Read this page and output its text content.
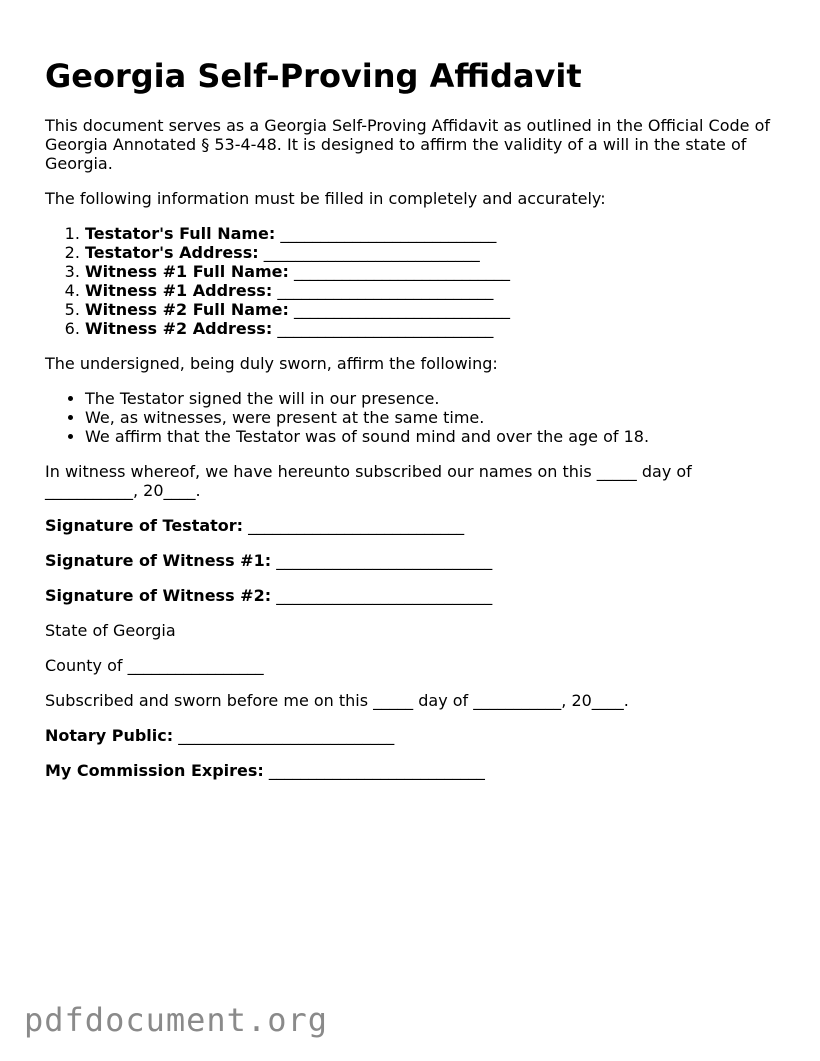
Georgia Self-Proving Affidavit

This document serves as a Georgia Self-Proving Affidavit as outlined in the Official Code of Georgia Annotated § 53-4-48. It is designed to affirm the validity of a will in the state of Georgia.

The following information must be filled in completely and accurately:

1. Testator's Full Name: ___________________________
2. Testator's Address: ___________________________
3. Witness #1 Full Name: ___________________________
4. Witness #1 Address: ___________________________
5. Witness #2 Full Name: ___________________________
6. Witness #2 Address: ___________________________

The undersigned, being duly sworn, affirm the following:

• The Testator signed the will in our presence.
• We, as witnesses, were present at the same time.
• We affirm that the Testator was of sound mind and over the age of 18.

In witness whereof, we have hereunto subscribed our names on this _____ day of ___________, 20____.

Signature of Testator: ___________________________
Signature of Witness #1: ___________________________
Signature of Witness #2: ___________________________
State of Georgia
County of _________________
Subscribed and sworn before me on this _____ day of ___________, 20____.
Notary Public: ___________________________
My Commission Expires: ___________________________
pdfdocument.org
